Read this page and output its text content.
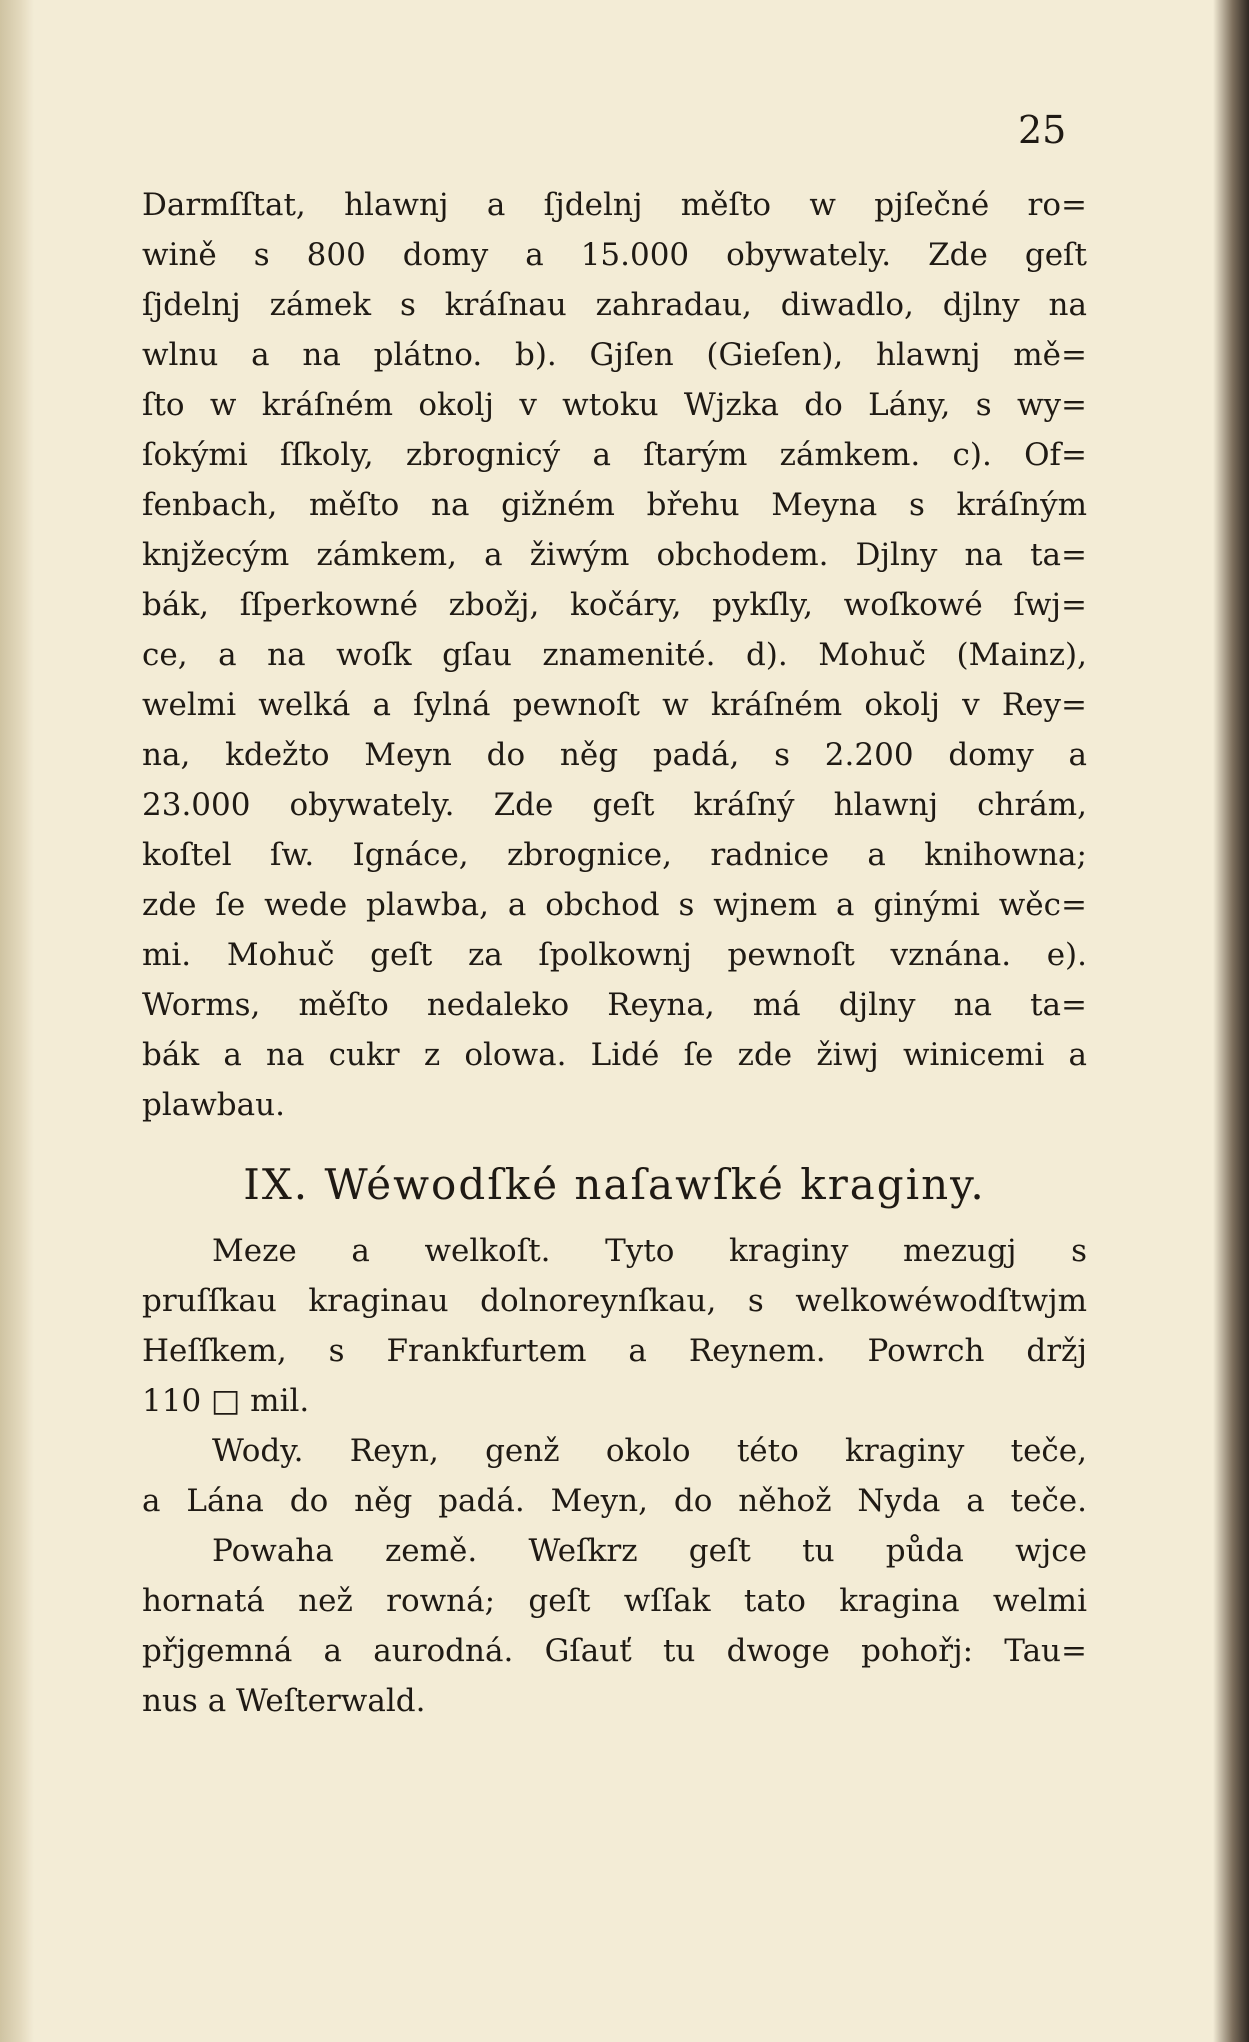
25
Darmſſtat, hlawnj a ſjdelnj měſto w pjſečné ro=
wině s 800 domy a 15.000 obywately. Zde geſt
ſjdelnj zámek s kráſnau zahradau, diwadlo, djlny na
wlnu a na plátno. b). Gjſen (Gieſen), hlawnj mě=
ſto w kráſném okolj v wtoku Wjzka do Lány, s wy=
ſokými ſſkoly, zbrognicý a ſtarým zámkem. c). Of=
fenbach, měſto na gižném břehu Meyna s kráſným
knjžecým zámkem, a žiwým obchodem. Djlny na ta=
bák, ſſperkowné zbožj, kočáry, pykſly, woſkowé ſwj=
ce, a na woſk gſau znamenité. d). Mohuč (Mainz),
welmi welká a ſylná pewnoſt w kráſném okolj v Rey=
na, kdežto Meyn do něg padá, s 2.200 domy a
23.000 obywately. Zde geſt kráſný hlawnj chrám,
koſtel ſw. Ignáce, zbrognice, radnice a knihowna;
zde ſe wede plawba, a obchod s wjnem a ginými wěc=
mi. Mohuč geſt za ſpolkownj pewnoſt vznána. e).
Worms, měſto nedaleko Reyna, má djlny na ta=
bák a na cukr z olowa. Lidé ſe zde žiwj winicemi a
plawbau.
IX. Wéwodſké naſawſké kraginy.
Meze a welkoſt. Tyto kraginy mezugj s
pruſſkau kraginau dolnoreynſkau, s welkowéwodſtwjm
Heſſkem, s Frankfurtem a Reynem. Powrch držj
110 □ mil.
Wody. Reyn, genž okolo této kraginy teče,
a Lána do něg padá. Meyn, do něhož Nyda a teče.
Powaha země. Weſkrz geſt tu půda wjce
hornatá než rowná; geſt wſſak tato kragina welmi
přjgemná a aurodná. Gſauť tu dwoge pohořj: Tau=
nus a Weſterwald.
